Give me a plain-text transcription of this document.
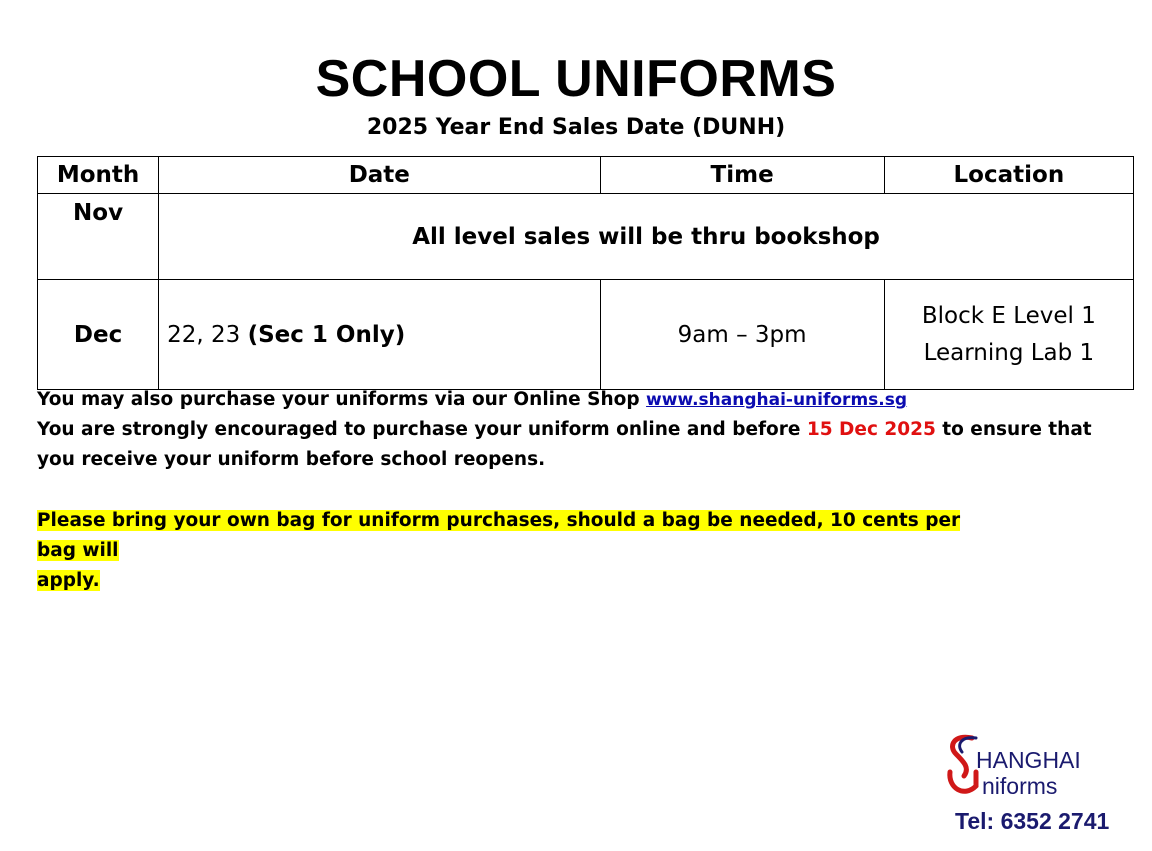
SCHOOL UNIFORMS
2025 Year End Sales Date (DUNH)
Month	Date	Time	Location
Nov	All level sales will be thru bookshop		
Dec	22, 23 (Sec 1 Only)	9am – 3pm	Block E Level 1
Learning Lab 1

You may also purchase your uniforms via our Online Shop www.shanghai-uniforms.sg

You are strongly encouraged to purchase your uniform online and before 15 Dec 2025 to ensure that

you receive your uniform before school reopens.

Please bring your own bag for uniform purchases, should a bag be needed, 10 cents per bag will
apply.
HANGHAI
niforms
Tel: 6352 2741
